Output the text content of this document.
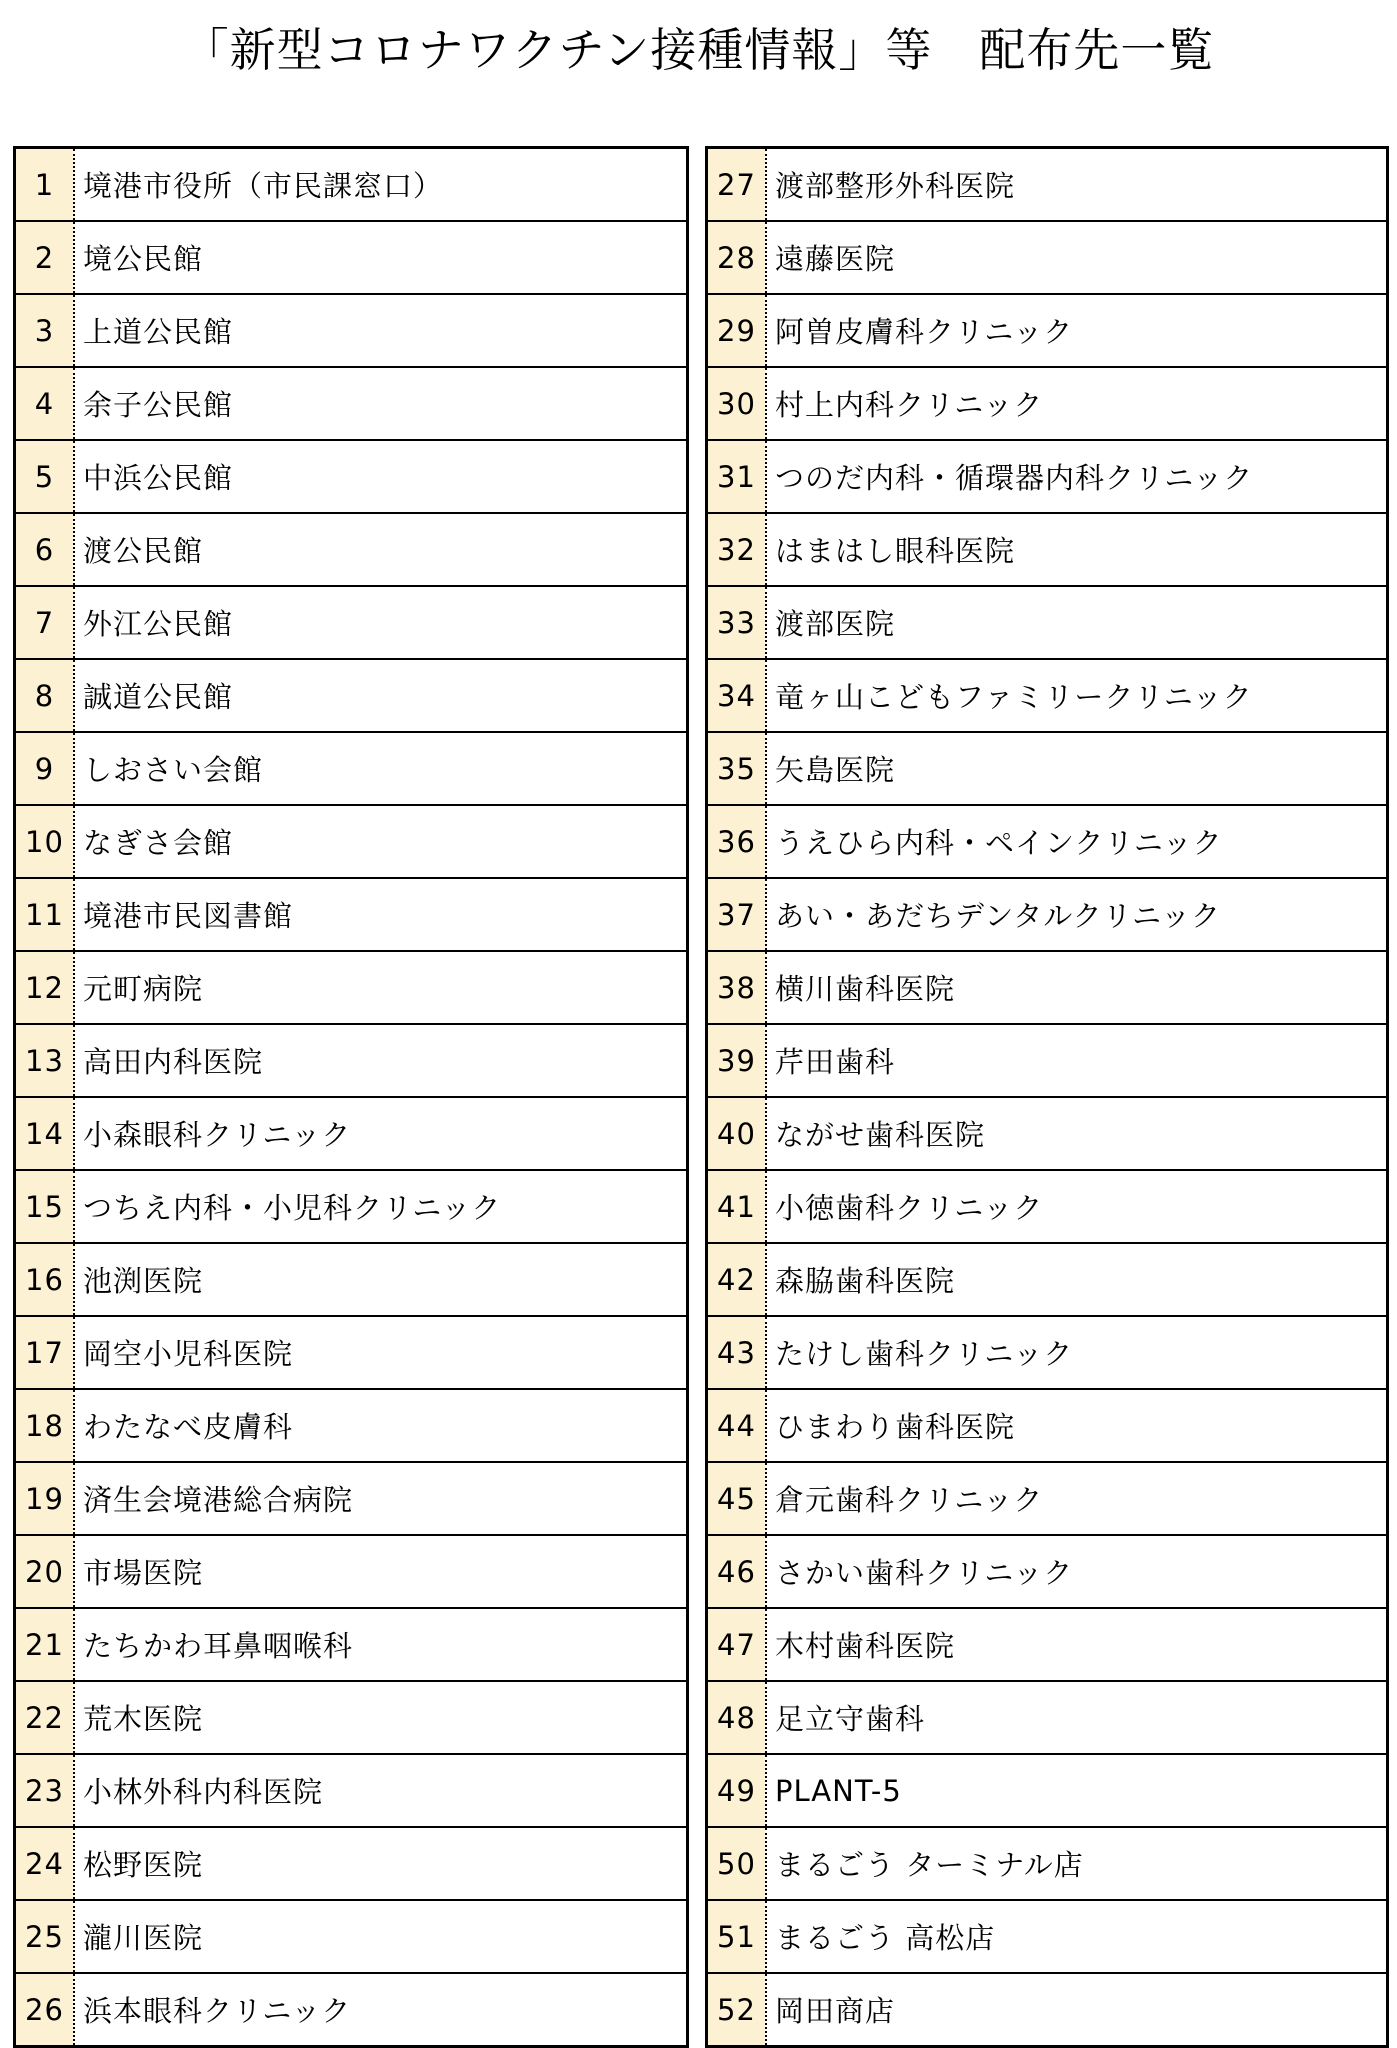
「新型コロナワクチン接種情報」等　配布先一覧
1	境港市役所（市民課窓口）
2	境公民館
3	上道公民館
4	余子公民館
5	中浜公民館
6	渡公民館
7	外江公民館
8	誠道公民館
9	しおさい会館
10	なぎさ会館
11	境港市民図書館
12	元町病院
13	高田内科医院
14	小森眼科クリニック
15	つちえ内科・小児科クリニック
16	池渕医院
17	岡空小児科医院
18	わたなべ皮膚科
19	済生会境港総合病院
20	市場医院
21	たちかわ耳鼻咽喉科
22	荒木医院
23	小林外科内科医院
24	松野医院
25	瀧川医院
26	浜本眼科クリニック
27	渡部整形外科医院
28	遠藤医院
29	阿曽皮膚科クリニック
30	村上内科クリニック
31	つのだ内科・循環器内科クリニック
32	はまはし眼科医院
33	渡部医院
34	竜ヶ山こどもファミリークリニック
35	矢島医院
36	うえひら内科・ペインクリニック
37	あい・あだちデンタルクリニック
38	横川歯科医院
39	芹田歯科
40	ながせ歯科医院
41	小徳歯科クリニック
42	森脇歯科医院
43	たけし歯科クリニック
44	ひまわり歯科医院
45	倉元歯科クリニック
46	さかい歯科クリニック
47	木村歯科医院
48	足立守歯科
49	PLANT-5
50	まるごう ターミナル店
51	まるごう 高松店
52	岡田商店
